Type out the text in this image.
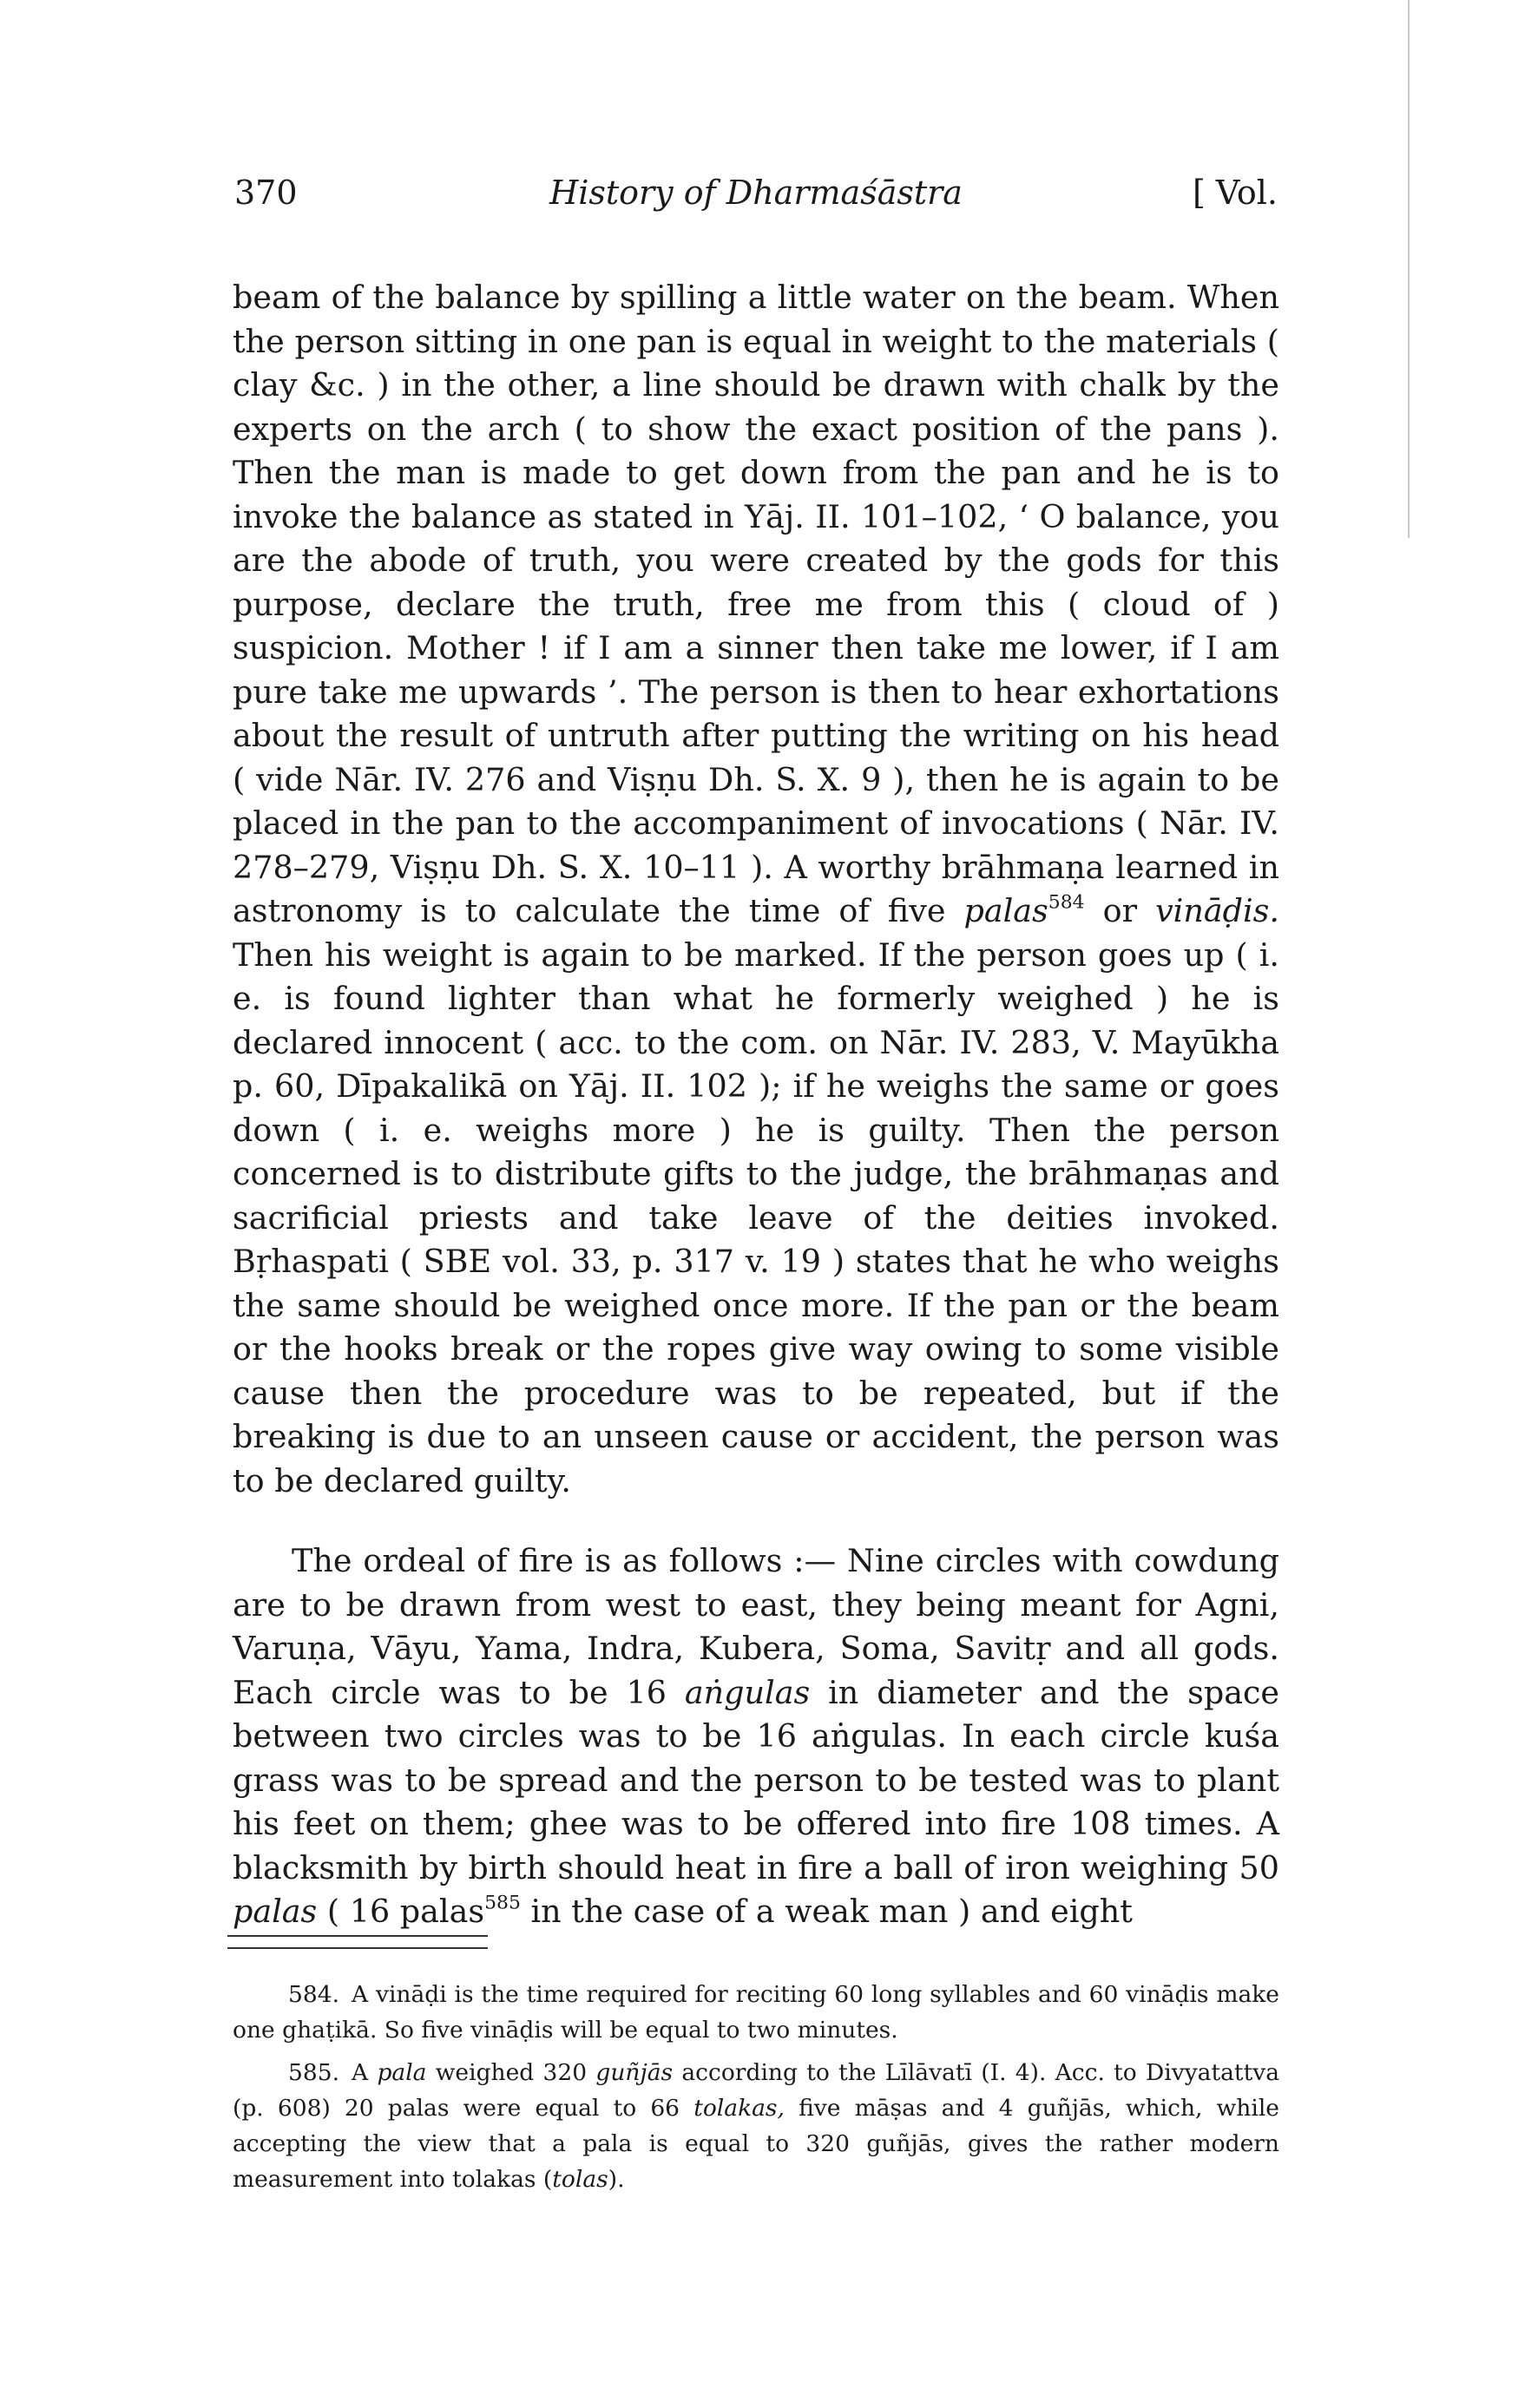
370	History of Dharmaśāstra	[ Vol.

beam of the balance by spilling a little water on the beam. When the person sitting in one pan is equal in weight to the materials ( clay &c. ) in the other, a line should be drawn with chalk by the experts on the arch ( to show the exact position of the pans ). Then the man is made to get down from the pan and he is to invoke the balance as stated in Yāj. II. 101–102, ‘ O balance, you are the abode of truth, you were created by the gods for this purpose, declare the truth, free me from this ( cloud of ) suspicion. Mother ! if I am a sinner then take me lower, if I am pure take me upwards ’. The person is then to hear exhortations about the result of untruth after putting the writing on his head ( vide Nār. IV. 276 and Viṣṇu Dh. S. X. 9 ), then he is again to be placed in the pan to the accompaniment of invocations ( Nār. IV. 278–279, Viṣṇu Dh. S. X. 10–11 ). A worthy brāhmaṇa learned in astronomy is to calculate the time of five palas$^{584}$ or vināḍis. Then his weight is again to be marked. If the person goes up ( i. e. is found lighter than what he formerly weighed ) he is declared innocent ( acc. to the com. on Nār. IV. 283, V. Mayūkha p. 60, Dīpakalikā on Yāj. II. 102 ); if he weighs the same or goes down ( i. e. weighs more ) he is guilty. Then the person concerned is to distribute gifts to the judge, the brāhmaṇas and sacrificial priests and take leave of the deities invoked. Bṛhaspati ( SBE vol. 33, p. 317 v. 19 ) states that he who weighs the same should be weighed once more. If the pan or the beam or the hooks break or the ropes give way owing to some visible cause then the procedure was to be repeated, but if the breaking is due to an unseen cause or accident, the person was to be declared guilty.

The ordeal of fire is as follows :— Nine circles with cowdung are to be drawn from west to east, they being meant for Agni, Varuṇa, Vāyu, Yama, Indra, Kubera, Soma, Savitṛ and all gods. Each circle was to be 16 aṅgulas in diameter and the space between two circles was to be 16 aṅgulas. In each circle kuśa grass was to be spread and the person to be tested was to plant his feet on them; ghee was to be offered into fire 108 times. A blacksmith by birth should heat in fire a ball of iron weighing 50 palas ( 16 palas$^{585}$ in the case of a weak man ) and eight

584. A vināḍi is the time required for reciting 60 long syllables and 60 vināḍis make one ghaṭikā. So five vināḍis will be equal to two minutes.

585. A pala weighed 320 guñjās according to the Līlāvatī (I. 4). Acc. to Divyatattva (p. 608) 20 palas were equal to 66 tolakas, five māṣas and 4 guñjās, which, while accepting the view that a pala is equal to 320 guñjās, gives the rather modern measurement into tolakas (tolas).
